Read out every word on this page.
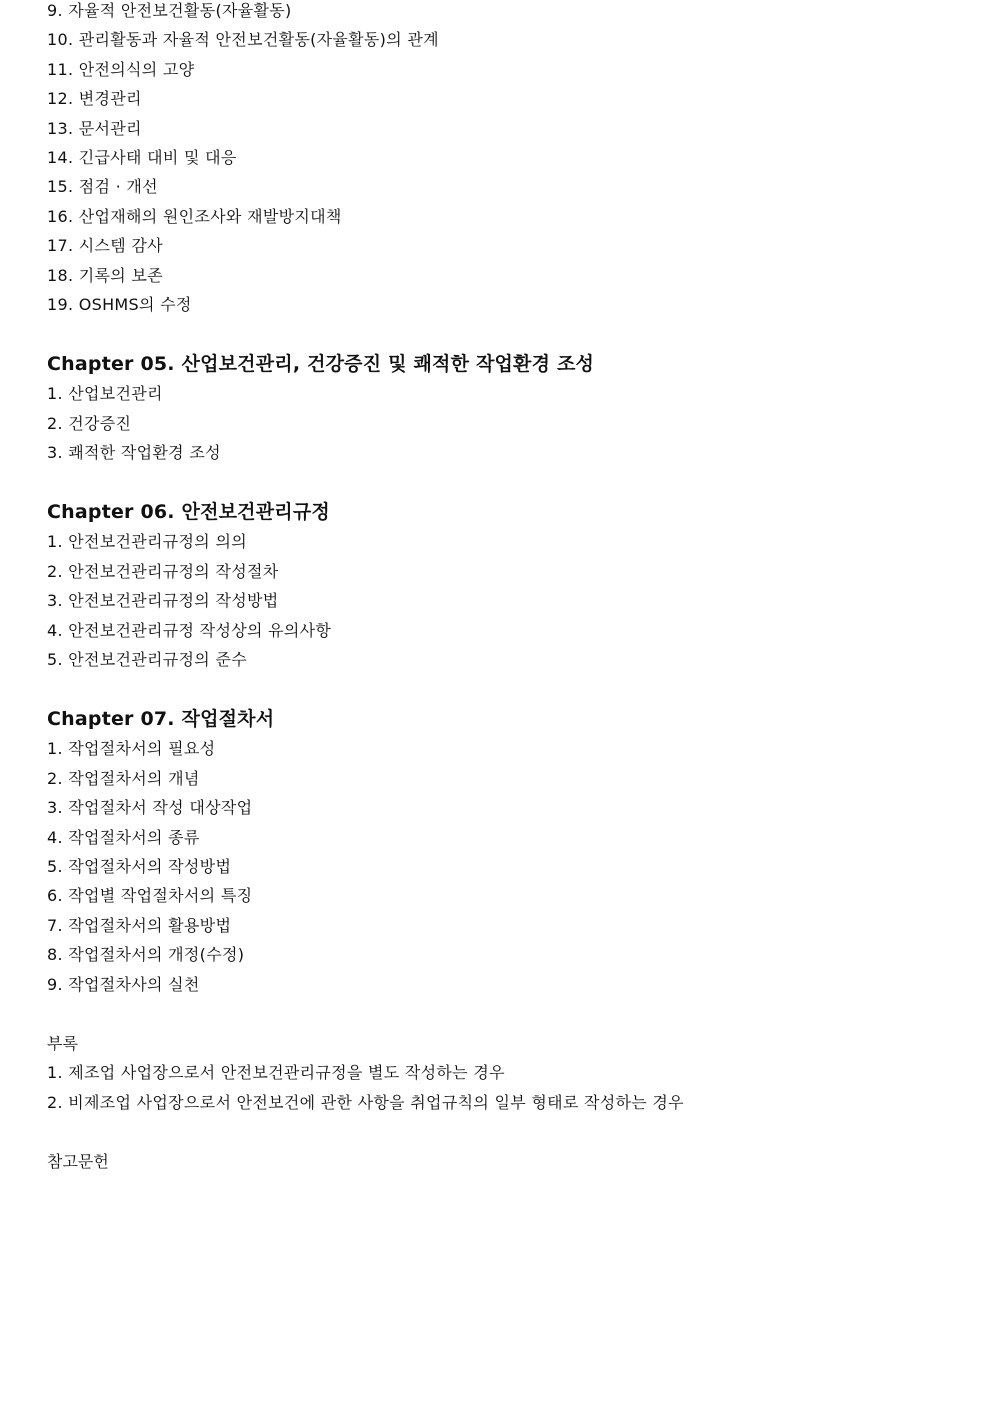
9. 자율적 안전보건활동(자율활동)
10. 관리활동과 자율적 안전보건활동(자율활동)의 관계
11. 안전의식의 고양
12. 변경관리
13. 문서관리
14. 긴급사태 대비 및 대응
15. 점검 · 개선
16. 산업재해의 원인조사와 재발방지대책
17. 시스템 감사
18. 기록의 보존
19. OSHMS의 수정
Chapter 05. 산업보건관리, 건강증진 및 쾌적한 작업환경 조성
1. 산업보건관리
2. 건강증진
3. 쾌적한 작업환경 조성
Chapter 06. 안전보건관리규정
1. 안전보건관리규정의 의의
2. 안전보건관리규정의 작성절차
3. 안전보건관리규정의 작성방법
4. 안전보건관리규정 작성상의 유의사항
5. 안전보건관리규정의 준수
Chapter 07. 작업절차서
1. 작업절차서의 필요성
2. 작업절차서의 개념
3. 작업절차서 작성 대상작업
4. 작업절차서의 종류
5. 작업절차서의 작성방법
6. 작업별 작업절차서의 특징
7. 작업절차서의 활용방법
8. 작업절차서의 개정(수정)
9. 작업절차사의 실천
부록
1. 제조업 사업장으로서 안전보건관리규정을 별도 작성하는 경우
2. 비제조업 사업장으로서 안전보건에 관한 사항을 취업규칙의 일부 형태로 작성하는 경우
참고문헌
